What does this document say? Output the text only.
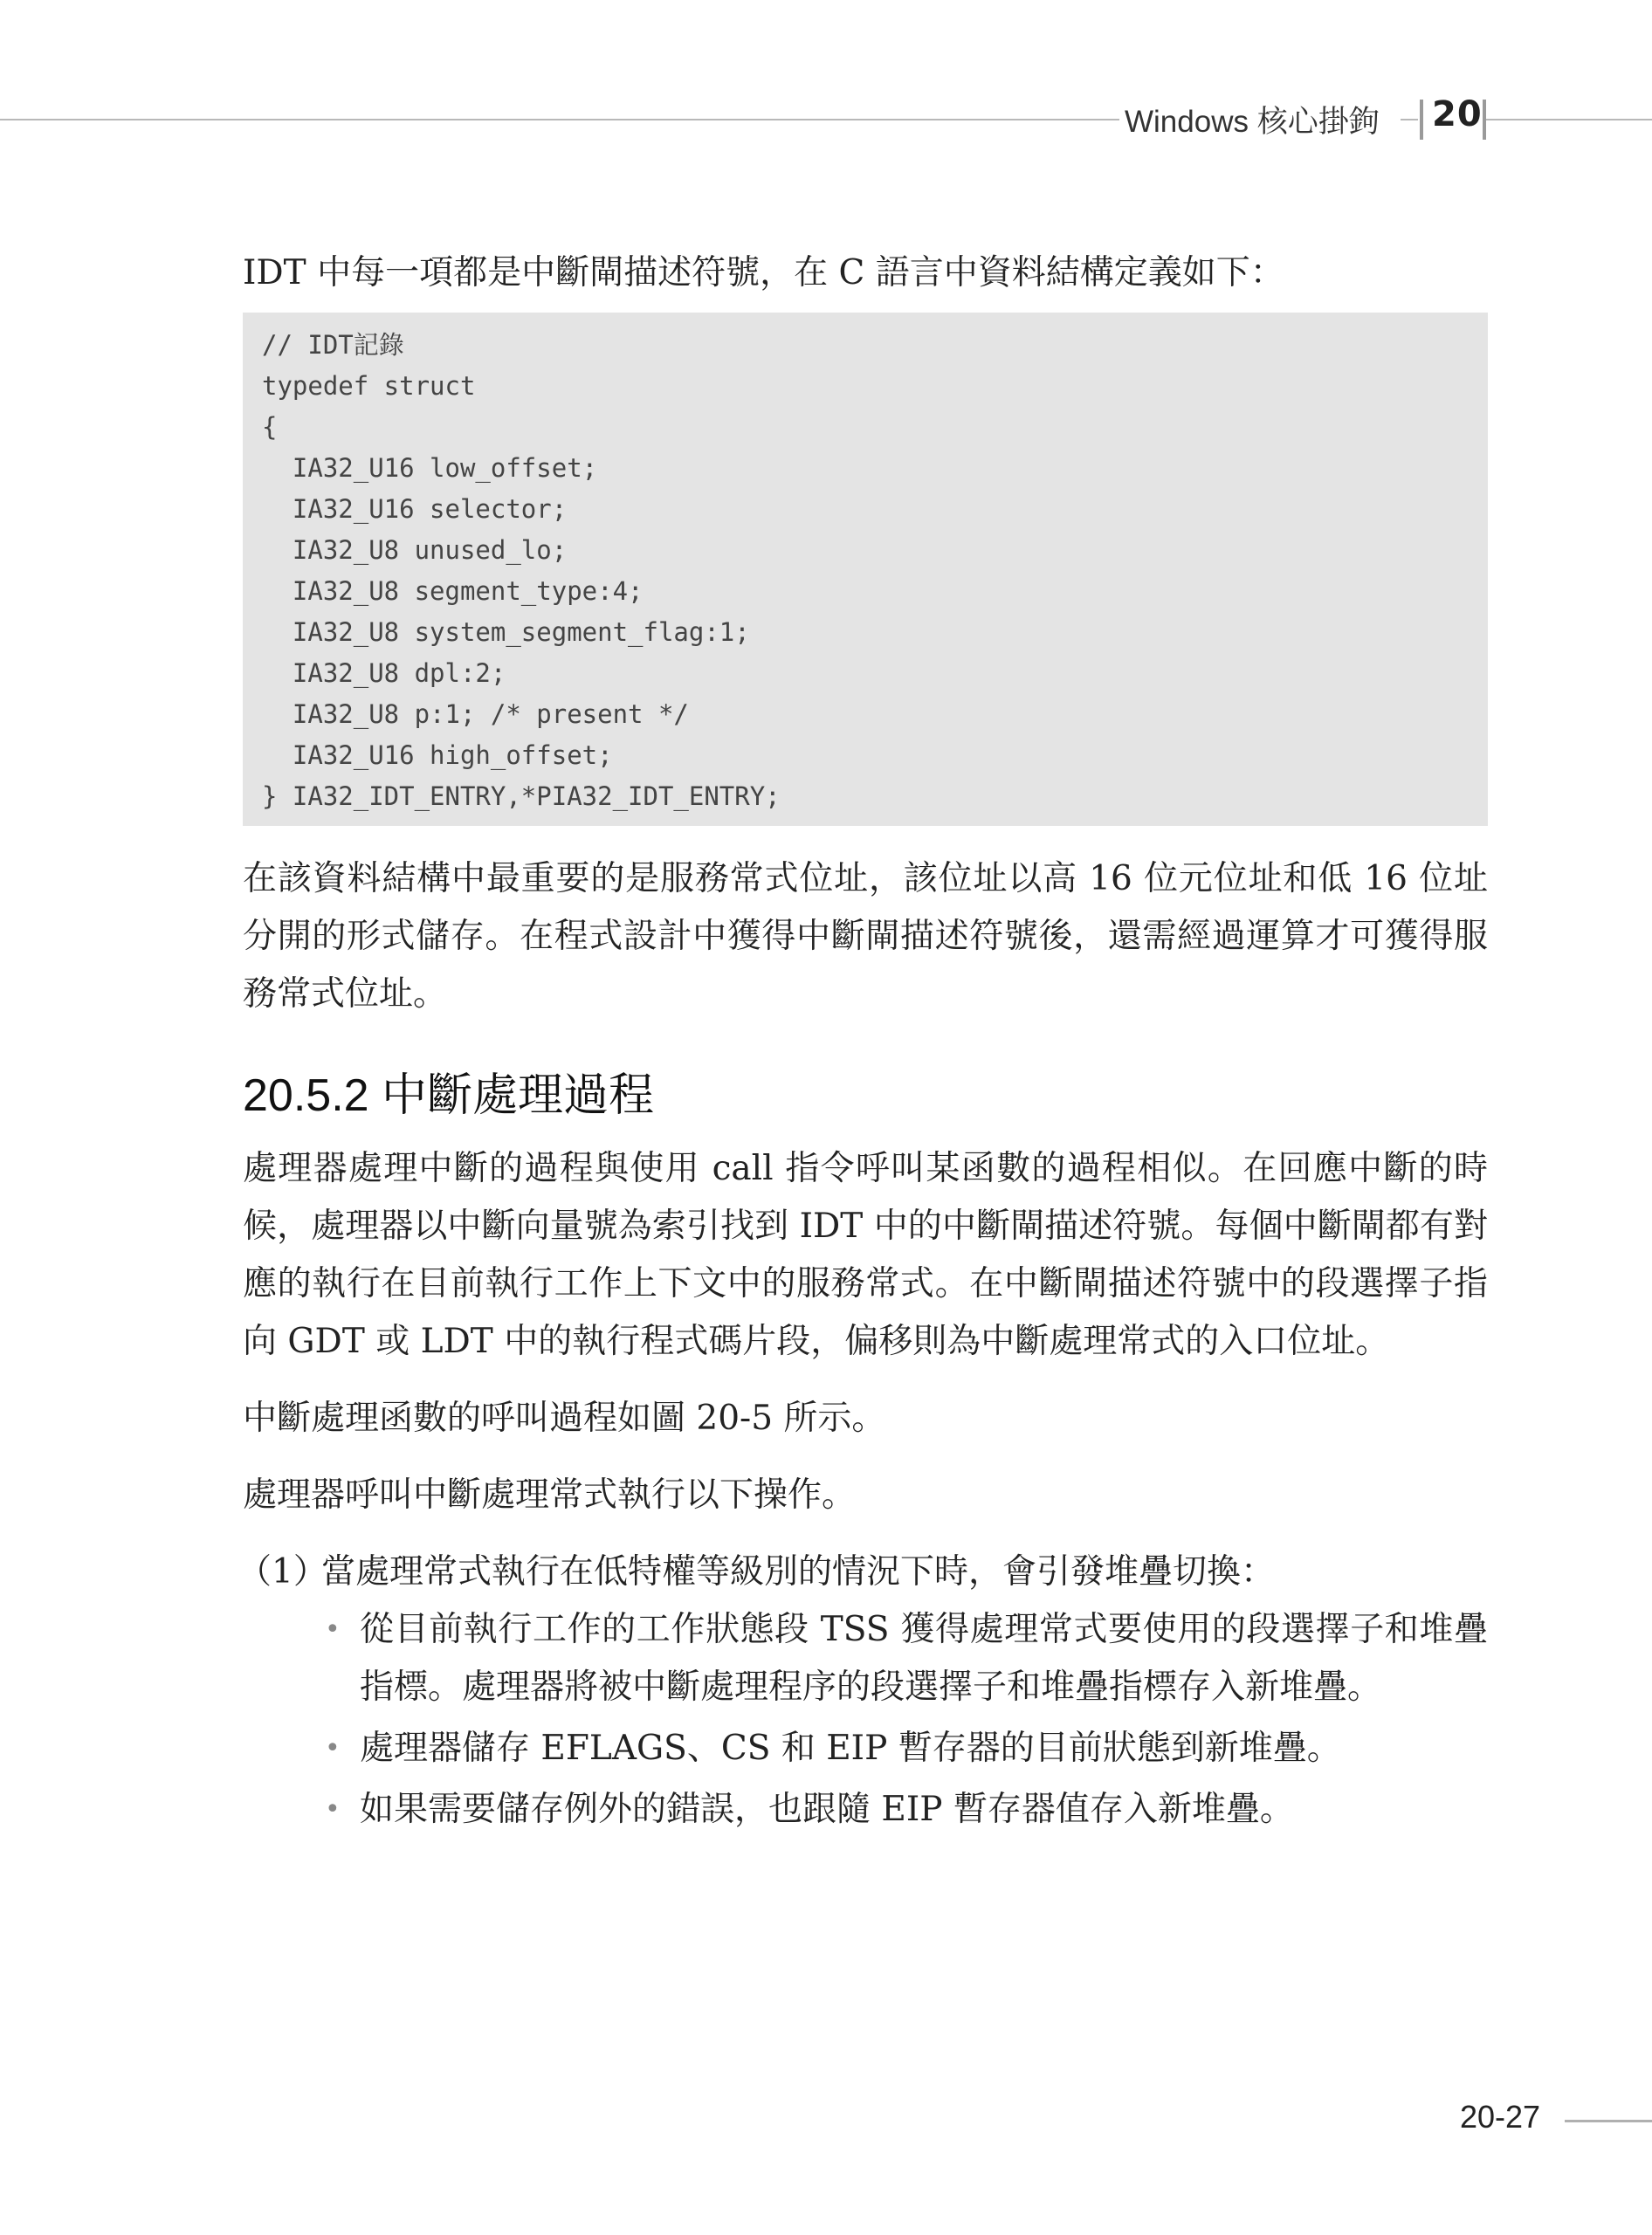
Windows 核心掛鉤 20

IDT 中每一項都是中斷閘描述符號，在 C 語言中資料結構定義如下：

// IDT記錄
typedef struct
{
IA32_U16 low_offset;
IA32_U16 selector;
IA32_U8 unused_lo;
IA32_U8 segment_type:4;
IA32_U8 system_segment_flag:1;
IA32_U8 dpl:2;
IA32_U8 p:1; /* present */
IA32_U16 high_offset;
} IA32_IDT_ENTRY,*PIA32_IDT_ENTRY;

在該資料結構中最重要的是服務常式位址，該位址以高 16 位元位址和低 16 位址分開的形式儲存。在程式設計中獲得中斷閘描述符號後，還需經過運算才可獲得服務常式位址。

20.5.2 中斷處理過程

處理器處理中斷的過程與使用 call 指令呼叫某函數的過程相似。在回應中斷的時候，處理器以中斷向量號為索引找到 IDT 中的中斷閘描述符號。每個中斷閘都有對應的執行在目前執行工作上下文中的服務常式。在中斷閘描述符號中的段選擇子指向 GDT 或 LDT 中的執行程式碼片段，偏移則為中斷處理常式的入口位址。

中斷處理函數的呼叫過程如圖 20-5 所示。

處理器呼叫中斷處理常式執行以下操作。

（1）
當處理常式執行在低特權等級別的情況下時，會引發堆疊切換：
• 從目前執行工作的工作狀態段 TSS 獲得處理常式要使用的段選擇子和堆疊指標。處理器將被中斷處理程序的段選擇子和堆疊指標存入新堆疊。
• 處理器儲存 EFLAGS、CS 和 EIP 暫存器的目前狀態到新堆疊。
• 如果需要儲存例外的錯誤，也跟隨 EIP 暫存器值存入新堆疊。
20-27
